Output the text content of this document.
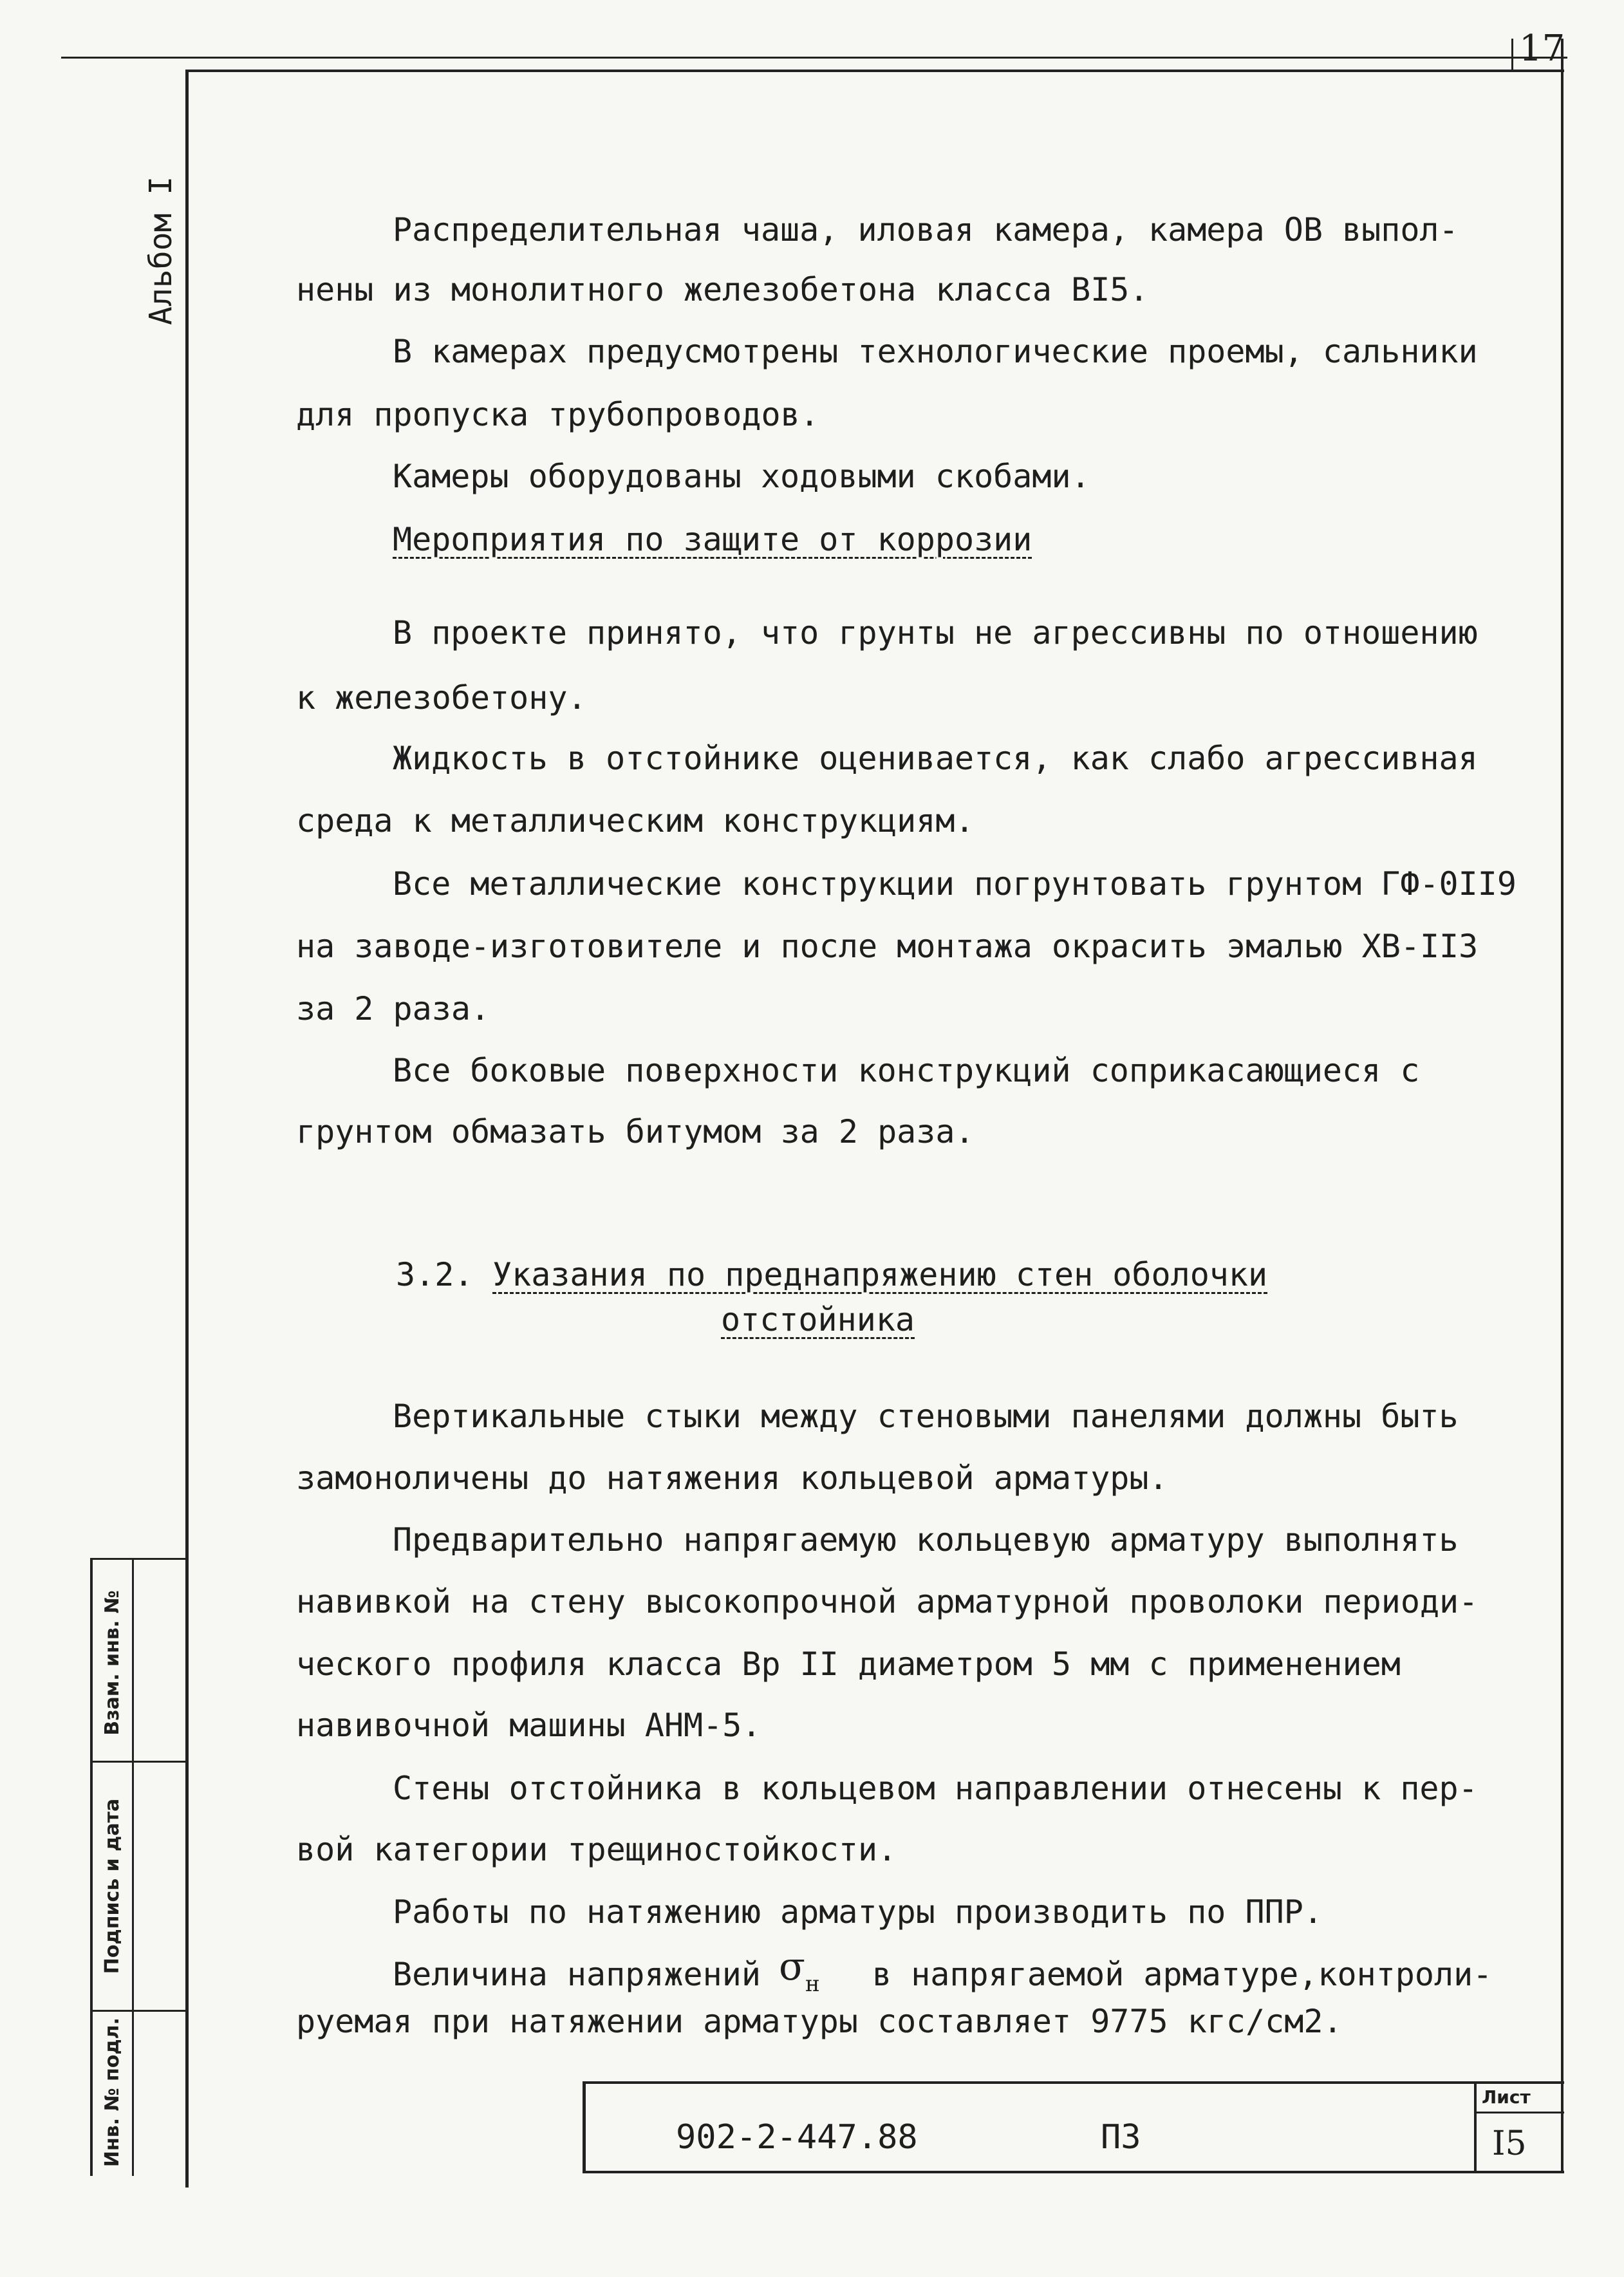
17
Альбом I	Распределительная чаша, иловая камера, камера ОВ выпол-
нены из монолитного железобетона класса BI5.
В камерах предусмотрены технологические проемы, сальники
для пропуска трубопроводов.
Камеры оборудованы ходовыми скобами.
Мероприятия по защите от коррозии
В проекте принято, что грунты не агрессивны по отношению
к железобетону.
Жидкость в отстойнике оценивается, как слабо агрессивная
среда к металлическим конструкциям.
Все металлические конструкции погрунтовать грунтом ГФ-0II9
на заводе-изготовителе и после монтажа окрасить эмалью ХВ-II3
за 2 раза.
Все боковые поверхности конструкций соприкасающиеся с
грунтом обмазать битумом за 2 раза.
3.2. Указания по преднапряжению стен оболочки
отстойника
Вертикальные стыки между стеновыми панелями должны быть
замоноличены до натяжения кольцевой арматуры.
Предварительно напрягаемую кольцевую арматуру выполнять
навивкой на стену высокопрочной арматурной проволоки периоди-
ческого профиля класса Вр II диаметром 5 мм с применением
навивочной машины АНМ-5.
Стены отстойника в кольцевом направлении отнесены к пер-
вой категории трещиностойкости.
Работы по натяжению арматуры производить по ППР.
Величина напряжений $\sigma_н$ в напрягаемой арматуре,контроли-
руемая при натяжении арматуры составляет 9775 кгс/см2.
Взам. инв. №
Подпись и дата
Инв. № подл.	902-2-447.88	ПЗ
Лист
I5
